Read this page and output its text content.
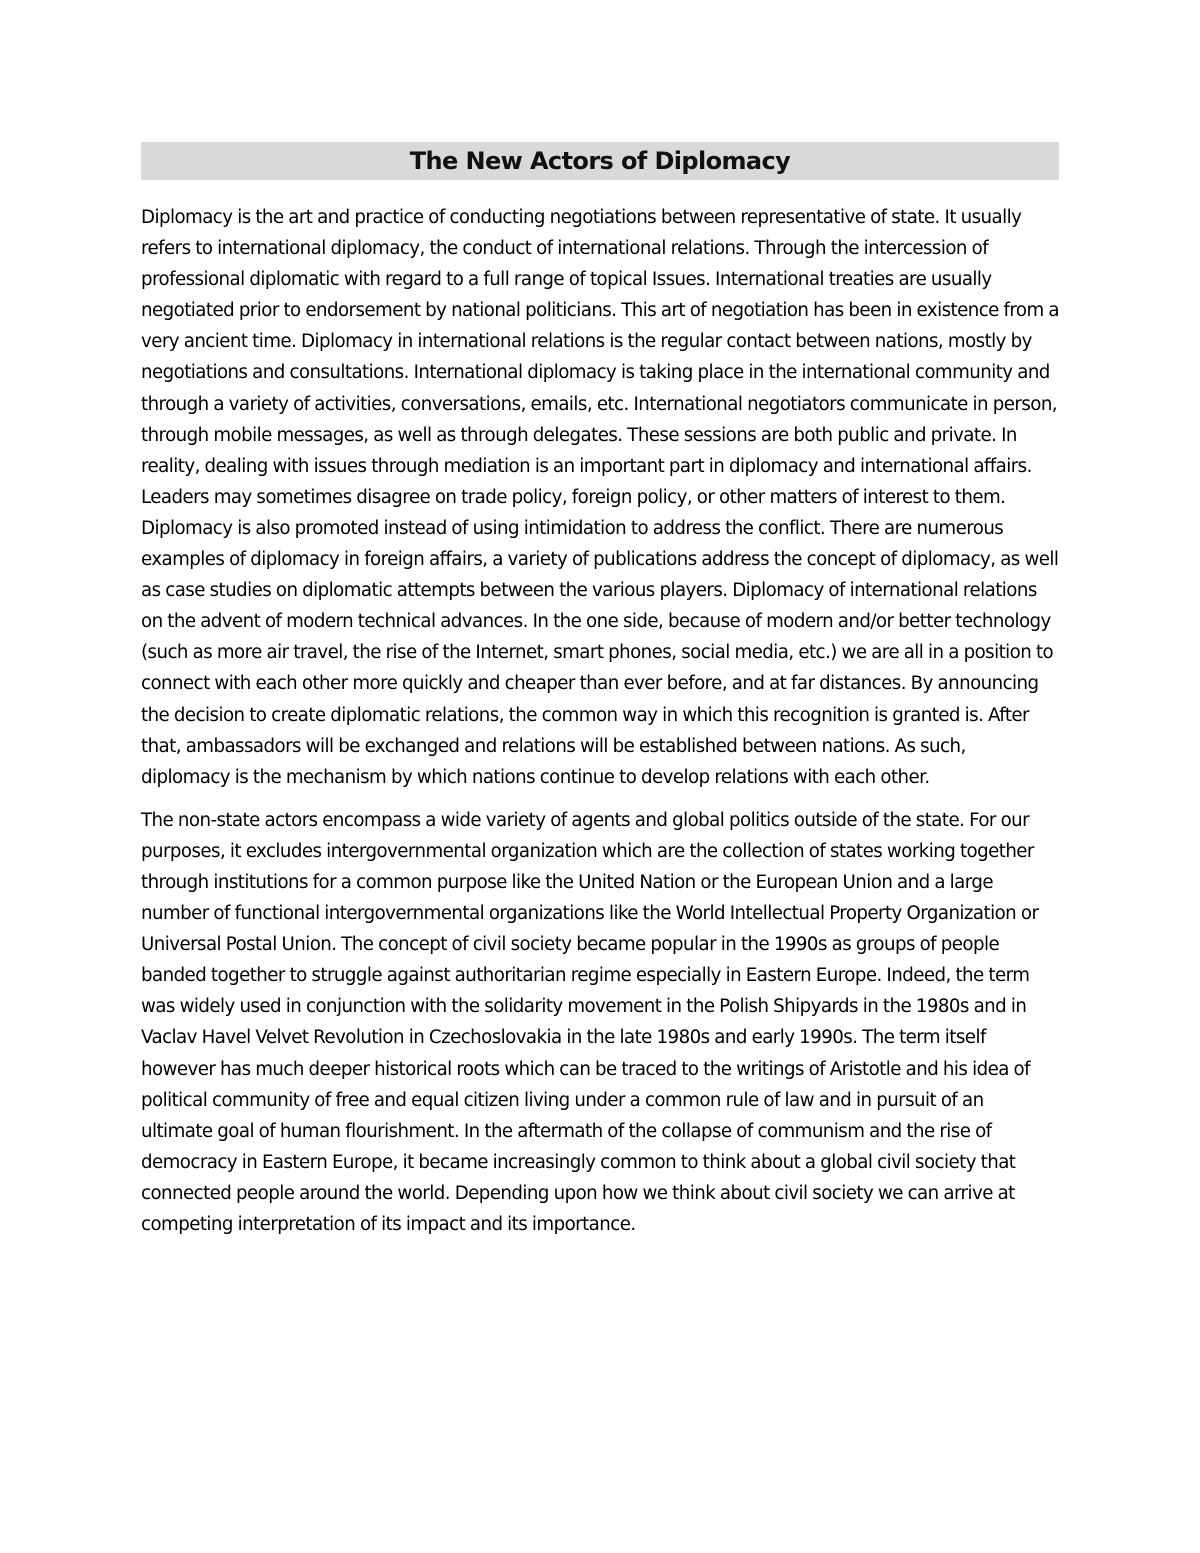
The New Actors of Diplomacy

Diplomacy is the art and practice of conducting negotiations between representative of state. It usually refers to international diplomacy, the conduct of international relations. Through the intercession of professional diplomatic with regard to a full range of topical Issues. International treaties are usually negotiated prior to endorsement by national politicians. This art of negotiation has been in existence from a very ancient time. Diplomacy in international relations is the regular contact between nations, mostly by negotiations and consultations. International diplomacy is taking place in the international community and through a variety of activities, conversations, emails, etc. International negotiators communicate in person, through mobile messages, as well as through delegates. These sessions are both public and private. In reality, dealing with issues through mediation is an important part in diplomacy and international affairs. Leaders may sometimes disagree on trade policy, foreign policy, or other matters of interest to them. Diplomacy is also promoted instead of using intimidation to address the conflict. There are numerous examples of diplomacy in foreign affairs, a variety of publications address the concept of diplomacy, as well as case studies on diplomatic attempts between the various players. Diplomacy of international relations on the advent of modern technical advances. In the one side, because of modern and/or better technology (such as more air travel, the rise of the Internet, smart phones, social media, etc.) we are all in a position to connect with each other more quickly and cheaper than ever before, and at far distances. By announcing the decision to create diplomatic relations, the common way in which this recognition is granted is. After that, ambassadors will be exchanged and relations will be established between nations. As such, diplomacy is the mechanism by which nations continue to develop relations with each other.

The non-state actors encompass a wide variety of agents and global politics outside of the state. For our purposes, it excludes intergovernmental organization which are the collection of states working together through institutions for a common purpose like the United Nation or the European Union and a large number of functional intergovernmental organizations like the World Intellectual Property Organization or Universal Postal Union. The concept of civil society became popular in the 1990s as groups of people banded together to struggle against authoritarian regime especially in Eastern Europe. Indeed, the term was widely used in conjunction with the solidarity movement in the Polish Shipyards in the 1980s and in Vaclav Havel Velvet Revolution in Czechoslovakia in the late 1980s and early 1990s. The term itself however has much deeper historical roots which can be traced to the writings of Aristotle and his idea of political community of free and equal citizen living under a common rule of law and in pursuit of an ultimate goal of human flourishment. In the aftermath of the collapse of communism and the rise of democracy in Eastern Europe, it became increasingly common to think about a global civil society that connected people around the world. Depending upon how we think about civil society we can arrive at competing interpretation of its impact and its importance.
